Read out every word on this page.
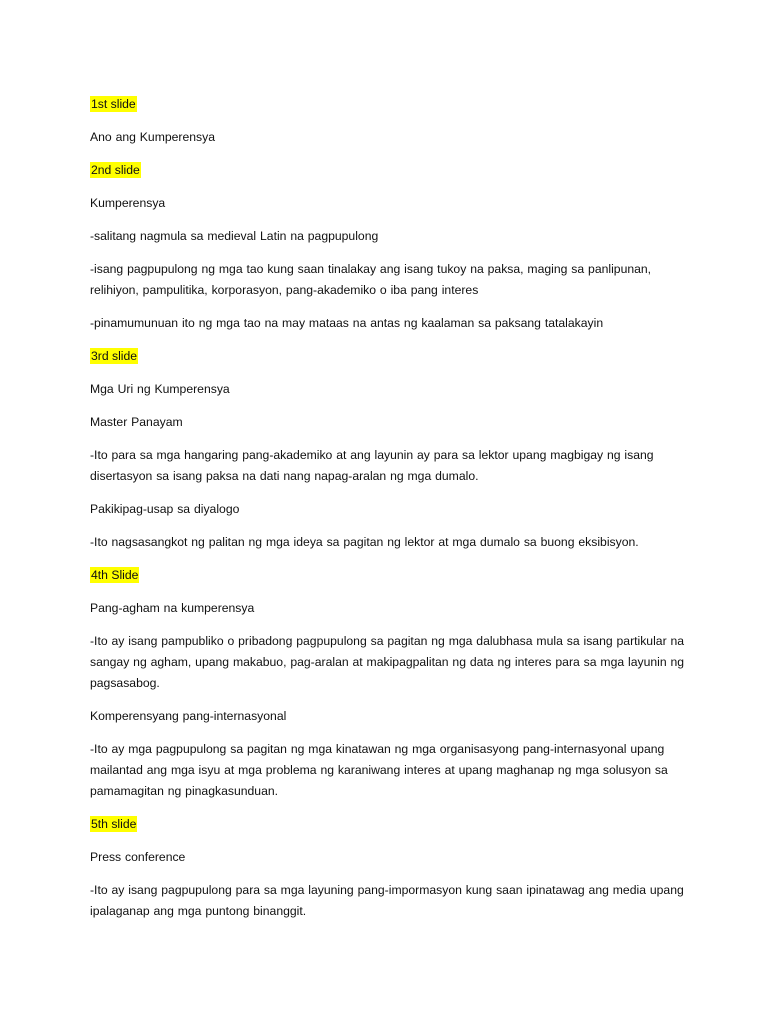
1st slide

Ano ang Kumperensya

2nd slide

Kumperensya

-salitang nagmula sa medieval Latin na pagpupulong

-isang pagpupulong ng mga tao kung saan tinalakay ang isang tukoy na paksa, maging sa panlipunan, relihiyon, pampulitika, korporasyon, pang-akademiko o iba pang interes

-pinamumunuan ito ng mga tao na may mataas na antas ng kaalaman sa paksang tatalakayin

3rd slide

Mga Uri ng Kumperensya

Master Panayam

-Ito para sa mga hangaring pang-akademiko at ang layunin ay para sa lektor upang magbigay ng isang disertasyon sa isang paksa na dati nang napag-aralan ng mga dumalo.

Pakikipag-usap sa diyalogo

-Ito nagsasangkot ng palitan ng mga ideya sa pagitan ng lektor at mga dumalo sa buong eksibisyon.

4th Slide

Pang-agham na kumperensya

-Ito ay isang pampubliko o pribadong pagpupulong sa pagitan ng mga dalubhasa mula sa isang partikular na sangay ng agham, upang makabuo, pag-aralan at makipagpalitan ng data ng interes para sa mga layunin ng pagsasabog.

Komperensyang pang-internasyonal

-Ito ay mga pagpupulong sa pagitan ng mga kinatawan ng mga organisasyong pang-internasyonal upang mailantad ang mga isyu at mga problema ng karaniwang interes at upang maghanap ng mga solusyon sa pamamagitan ng pinagkasunduan.

5th slide

Press conference

-Ito ay isang pagpupulong para sa mga layuning pang-impormasyon kung saan ipinatawag ang media upang ipalaganap ang mga puntong binanggit.
